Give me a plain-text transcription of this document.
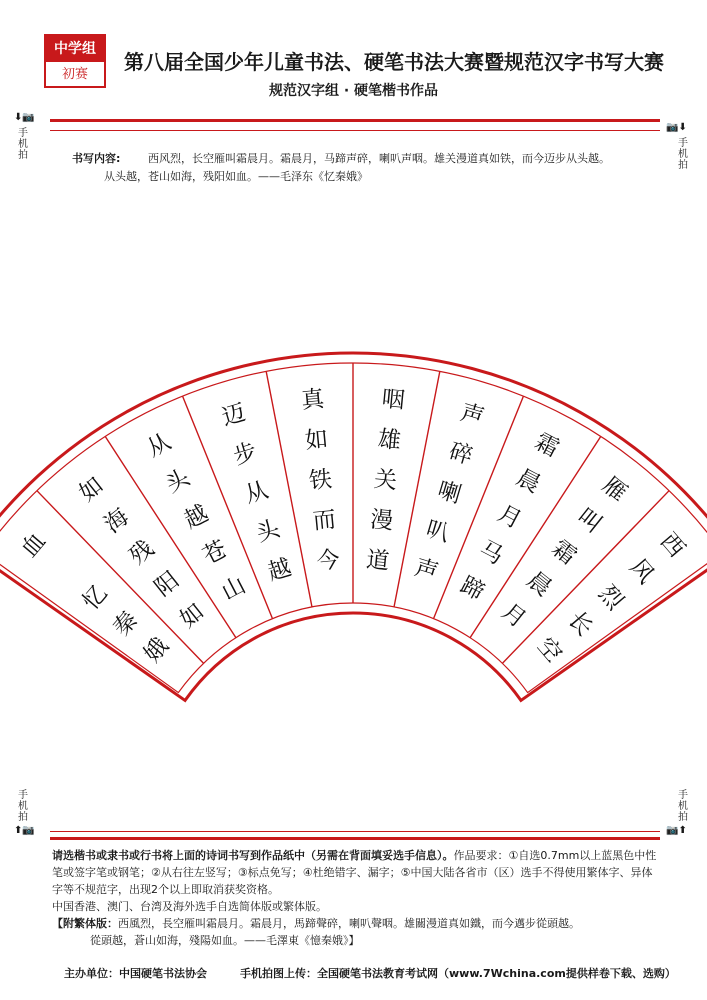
中学组
初赛
第八届全国少年儿童书法、硬笔书法大赛暨规范汉字书写大赛
规范汉字组 · 硬笔楷书作品
⬇📷
手机拍
📷⬇
手机拍
书写内容:	西风烈，长空雁叫霜晨月。霜晨月，马蹄声碎，喇叭声咽。雄关漫道真如铁，而今迈步从头越。
从头越，苍山如海，残阳如血。——毛泽东《忆秦娥》
西
风
烈
长
空
雁
叫
霜
晨
月
霜
晨
月
马
蹄
声
碎
喇
叭
声
咽
雄
关
漫
道
真
如
铁
而
今
迈
步
从
头
越
从
头
越
苍
山
如
海
残
阳
如
血
忆
秦
娥
手机拍
⬆📷
手机拍
📷⬆

请选楷书或隶书或行书将上面的诗词书写到作品纸中（另需在背面填妥选手信息）。作品要求：①自选0.7mm以上蓝黑色中性笔或签字笔或钢笔；②从右往左竖写；③标点免写；④杜绝错字、漏字；⑤中国大陆各省市（区）选手不得使用繁体字、异体字等不规范字，出现2个以上即取消获奖资格。

中国香港、澳门、台湾及海外选手自选简体版或繁体版。

【附繁体版：西風烈，長空雁叫霜晨月。霜晨月，馬蹄聲碎，喇叭聲咽。雄關漫道真如鐵，而今邁步從頭越。

從頭越，蒼山如海，殘陽如血。——毛澤東《憶秦娥》】

主办单位：中国硬笔书法协会	手机拍图上传：全国硬笔书法教育考试网（www.7Wchina.com提供样卷下载、选购）
